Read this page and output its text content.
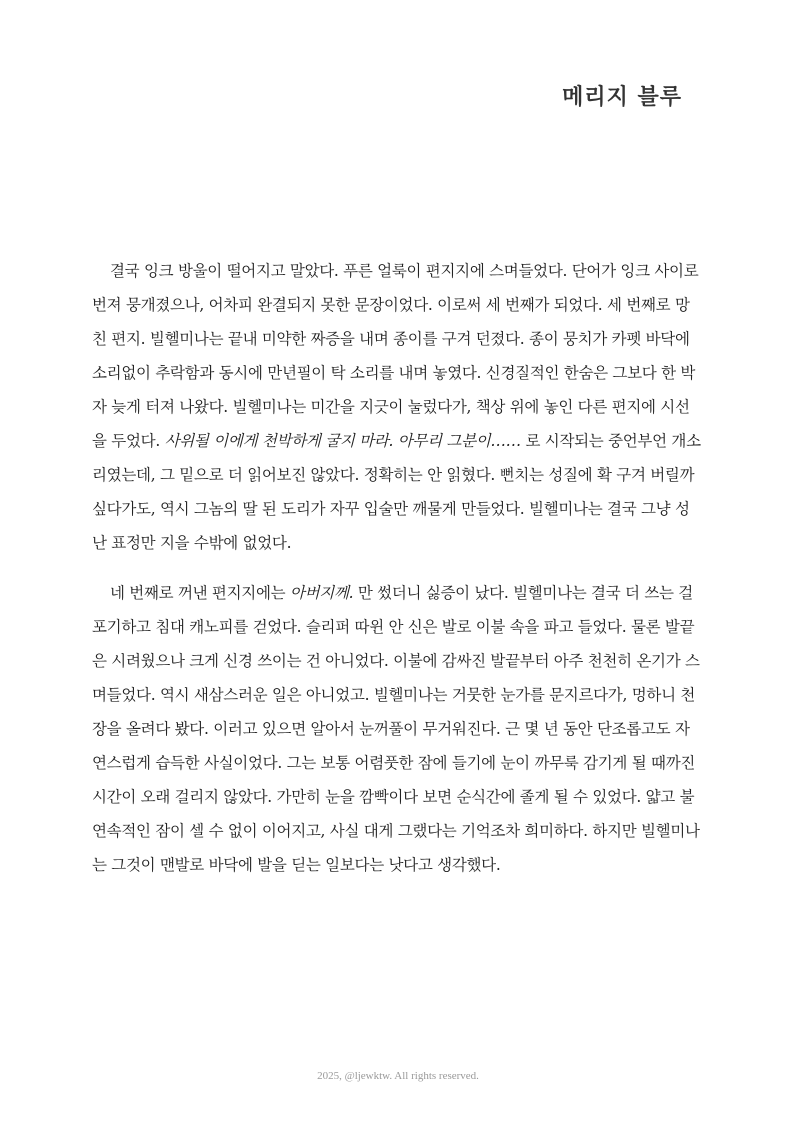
메리지 블루

결국 잉크 방울이 떨어지고 말았다. 푸른 얼룩이 편지지에 스며들었다. 단어가 잉크 사이로 번져 뭉개졌으나, 어차피 완결되지 못한 문장이었다. 이로써 세 번째가 되었다. 세 번째로 망친 편지. 빌헬미나는 끝내 미약한 짜증을 내며 종이를 구겨 던졌다. 종이 뭉치가 카펫 바닥에 소리없이 추락함과 동시에 만년필이 탁 소리를 내며 놓였다. 신경질적인 한숨은 그보다 한 박자 늦게 터져 나왔다. 빌헬미나는 미간을 지긋이 눌렀다가, 책상 위에 놓인 다른 편지에 시선을 두었다. 사위될 이에게 천박하게 굴지 마라. 아무리 그분이…… 로 시작되는 중언부언 개소리였는데, 그 밑으로 더 읽어보진 않았다. 정확히는 안 읽혔다. 뻔치는 성질에 확 구겨 버릴까 싶다가도, 역시 그놈의 딸 된 도리가 자꾸 입술만 깨물게 만들었다. 빌헬미나는 결국 그냥 성난 표정만 지을 수밖에 없었다.

네 번째로 꺼낸 편지지에는 아버지께. 만 썼더니 싫증이 났다. 빌헬미나는 결국 더 쓰는 걸 포기하고 침대 캐노피를 걷었다. 슬리퍼 따윈 안 신은 발로 이불 속을 파고 들었다. 물론 발끝은 시려웠으나 크게 신경 쓰이는 건 아니었다. 이불에 감싸진 발끝부터 아주 천천히 온기가 스며들었다. 역시 새삼스러운 일은 아니었고. 빌헬미나는 거뭇한 눈가를 문지르다가, 멍하니 천장을 올려다 봤다. 이러고 있으면 알아서 눈꺼풀이 무거워진다. 근 몇 년 동안 단조롭고도 자연스럽게 습득한 사실이었다. 그는 보통 어렴풋한 잠에 들기에 눈이 까무룩 감기게 될 때까진 시간이 오래 걸리지 않았다. 가만히 눈을 깜빡이다 보면 순식간에 졸게 될 수 있었다. 얇고 불연속적인 잠이 셀 수 없이 이어지고, 사실 대게 그랬다는 기억조차 희미하다. 하지만 빌헬미나는 그것이 맨발로 바닥에 발을 딛는 일보다는 낫다고 생각했다.

2025, @ljewktw. All rights reserved.
